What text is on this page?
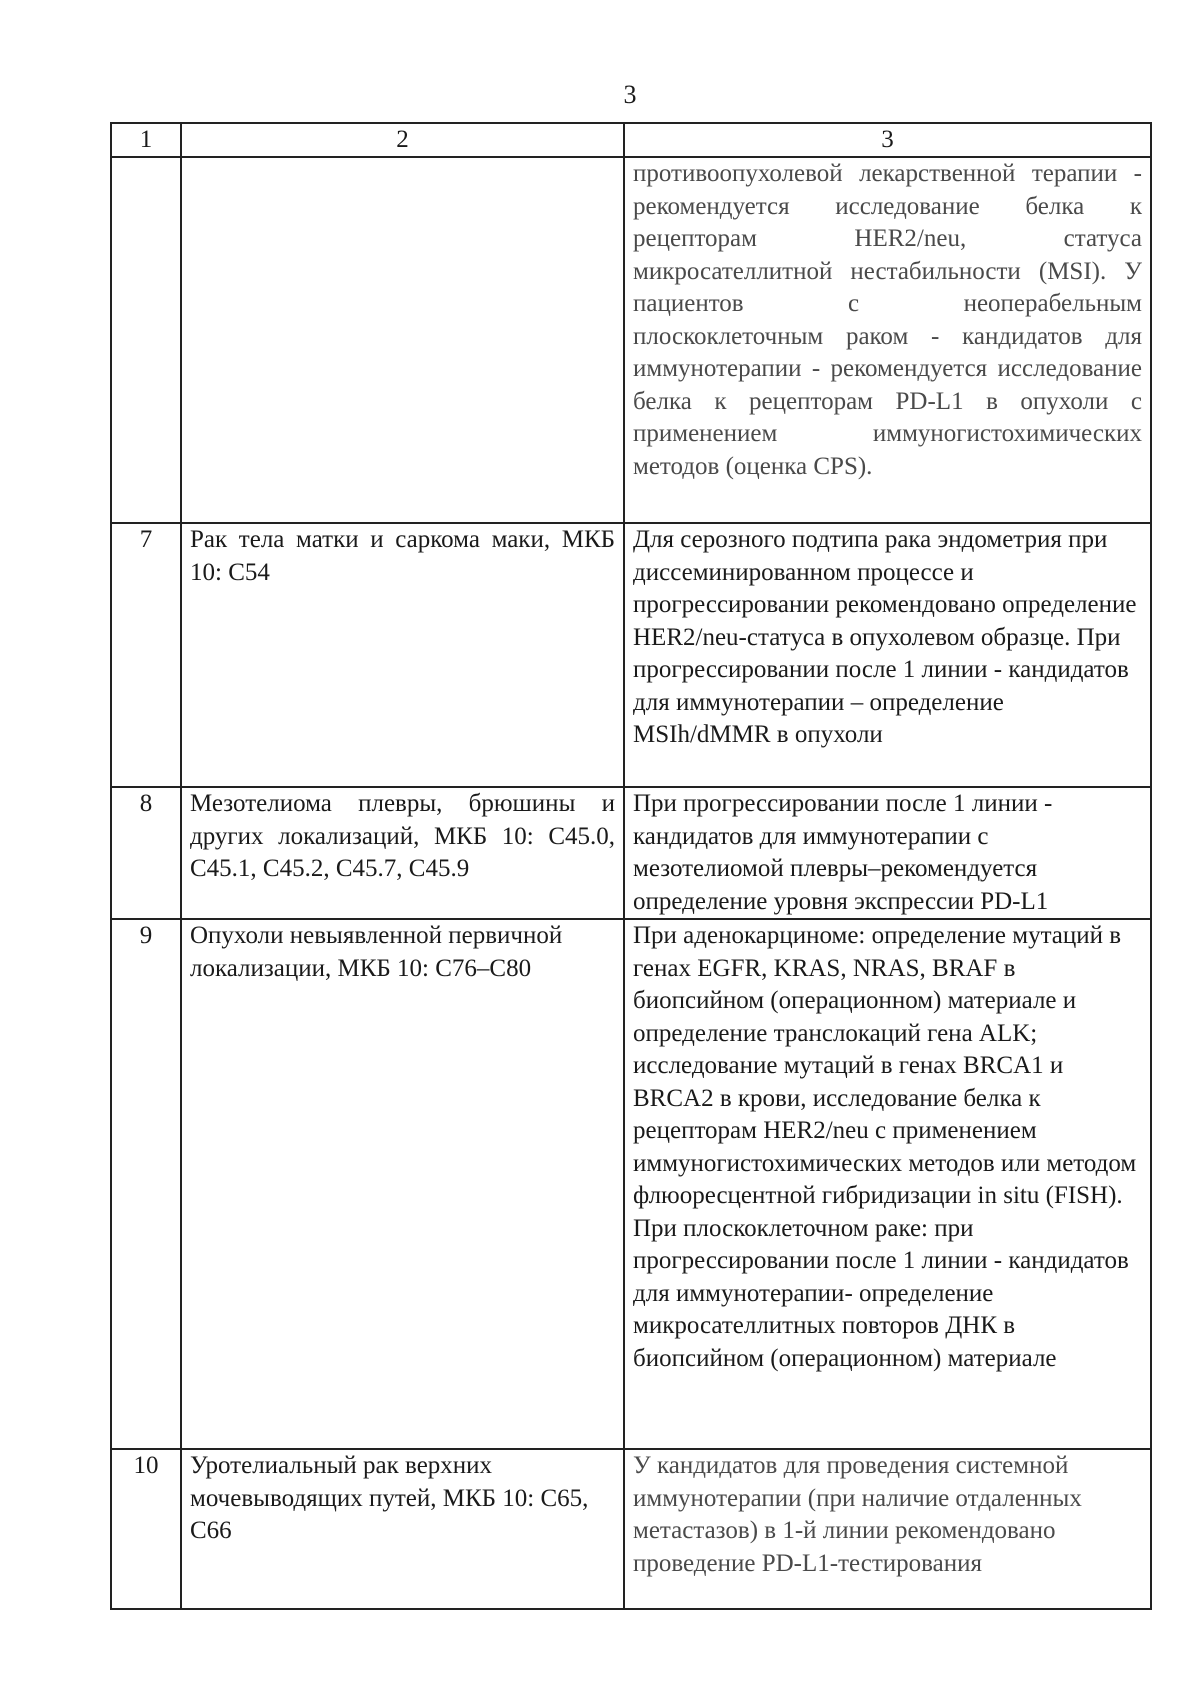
3
1	2	3
		противоопухолевой лекарственной терапии - рекомендуется исследование белка к рецепторам HER2/neu, статуса микросателлитной нестабильности (MSI). У пациентов с неоперабельным плоскоклеточным раком - кандидатов для иммунотерапии - рекомендуется исследование белка к рецепторам PD-L1 в опухоли с применением иммуногистохимических методов (оценка CPS).
7	Рак тела матки и саркома маки, МКБ 10: C54	Для серозного подтипа рака эндометрия при диссеминированном процессе и прогрессировании рекомендовано определение HER2/neu-статуса в опухолевом образце. При прогрессировании после 1 линии - кандидатов для иммунотерапии – определение MSIh/dMMR в опухоли
8	Мезотелиома плевры, брюшины и других локализаций, МКБ 10: C45.0, C45.1, C45.2, C45.7, C45.9	При прогрессировании после 1 линии - кандидатов для иммунотерапии с мезотелиомой плевры–рекомендуется определение уровня экспрессии PD-L1
9	Опухоли невыявленной первичной локализации, МКБ 10: C76–C80	При аденокарциноме: определение мутаций в генах EGFR, KRAS, NRAS, BRAF в биопсийном (операционном) материале и определение транслокаций гена ALK; исследование мутаций в генах BRCA1 и BRCA2 в крови, исследование белка к рецепторам HER2/neu с применением иммуногистохимических методов или методом флюоресцентной гибридизации in situ (FISH).
При плоскоклеточном раке: при прогрессировании после 1 линии - кандидатов для иммунотерапии- определение микросателлитных повторов ДНК в биопсийном (операционном) материале

10	Уротелиальный рак верхних мочевыводящих путей, МКБ 10: C65, C66	У кандидатов для проведения системной иммунотерапии (при наличие отдаленных метастазов) в 1-й линии рекомендовано проведение PD-L1-тестирования
